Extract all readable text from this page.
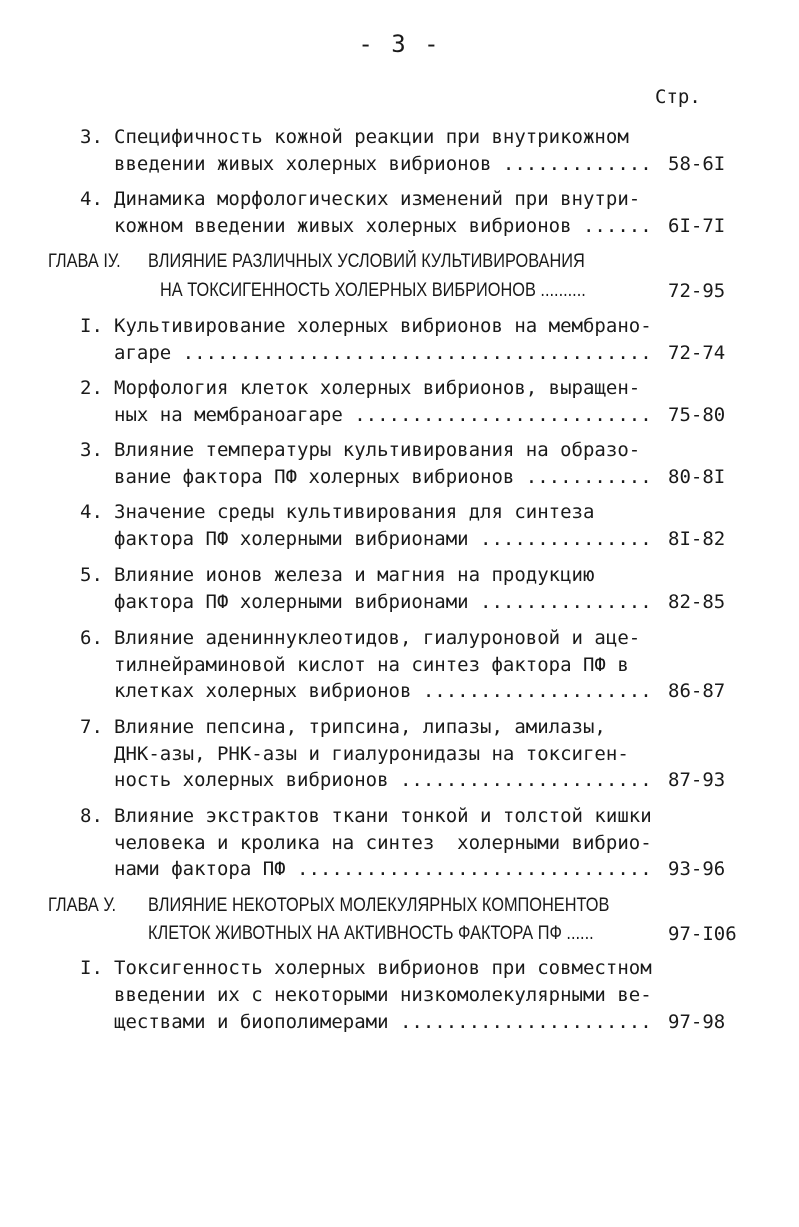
- 3 -
Стр.
3. Специфичность кожной реакции при внутрикожном
введении живых холерных вибрионов ............. 58-6I
4. Динамика морфологических изменений при внутри-
кожном введении живых холерных вибрионов ...... 6I-7I
ГЛАВА IУ. ВЛИЯНИЕ РАЗЛИЧНЫХ УСЛОВИЙ КУЛЬТИВИРОВАНИЯ
НА ТОКСИГЕННОСТЬ ХОЛЕРНЫХ ВИБРИОНОВ ..........	72-95
I. Культивирование холерных вибрионов на мембрано-
агаре ......................................... 72-74
2. Морфология клеток холерных вибрионов, выращен-
ных на мембраноагаре .......................... 75-80
3. Влияние температуры культивирования на образо-
вание фактора ПФ холерных вибрионов ........... 80-8I
4. Значение среды культивирования для синтеза
фактора ПФ холерными вибрионами ............... 8I-82
5. Влияние ионов железа и магния на продукцию
фактора ПФ холерными вибрионами ............... 82-85
6. Влияние адениннуклеотидов, гиалуроновой и аце-
тилнейраминовой кислот на синтез фактора ПФ в
клетках холерных вибрионов .................... 86-87
7. Влияние пепсина, трипсина, липазы, амилазы,
ДНК-азы, РНК-азы и гиалуронидазы на токсиген-
ность холерных вибрионов ...................... 87-93
8. Влияние экстрактов ткани тонкой и толстой кишки
человека и кролика на синтез  холерными вибрио-
нами фактора ПФ ............................... 93-96
ГЛАВА У. ВЛИЯНИЕ НЕКОТОРЫХ МОЛЕКУЛЯРНЫХ КОМПОНЕНТОВ
КЛЕТОК ЖИВОТНЫХ НА АКТИВНОСТЬ ФАКТОРА ПФ ......	97-I06
I. Токсигенность холерных вибрионов при совместном
введении их с некоторыми низкомолекулярными ве-
ществами и биополимерами ...................... 97-98
